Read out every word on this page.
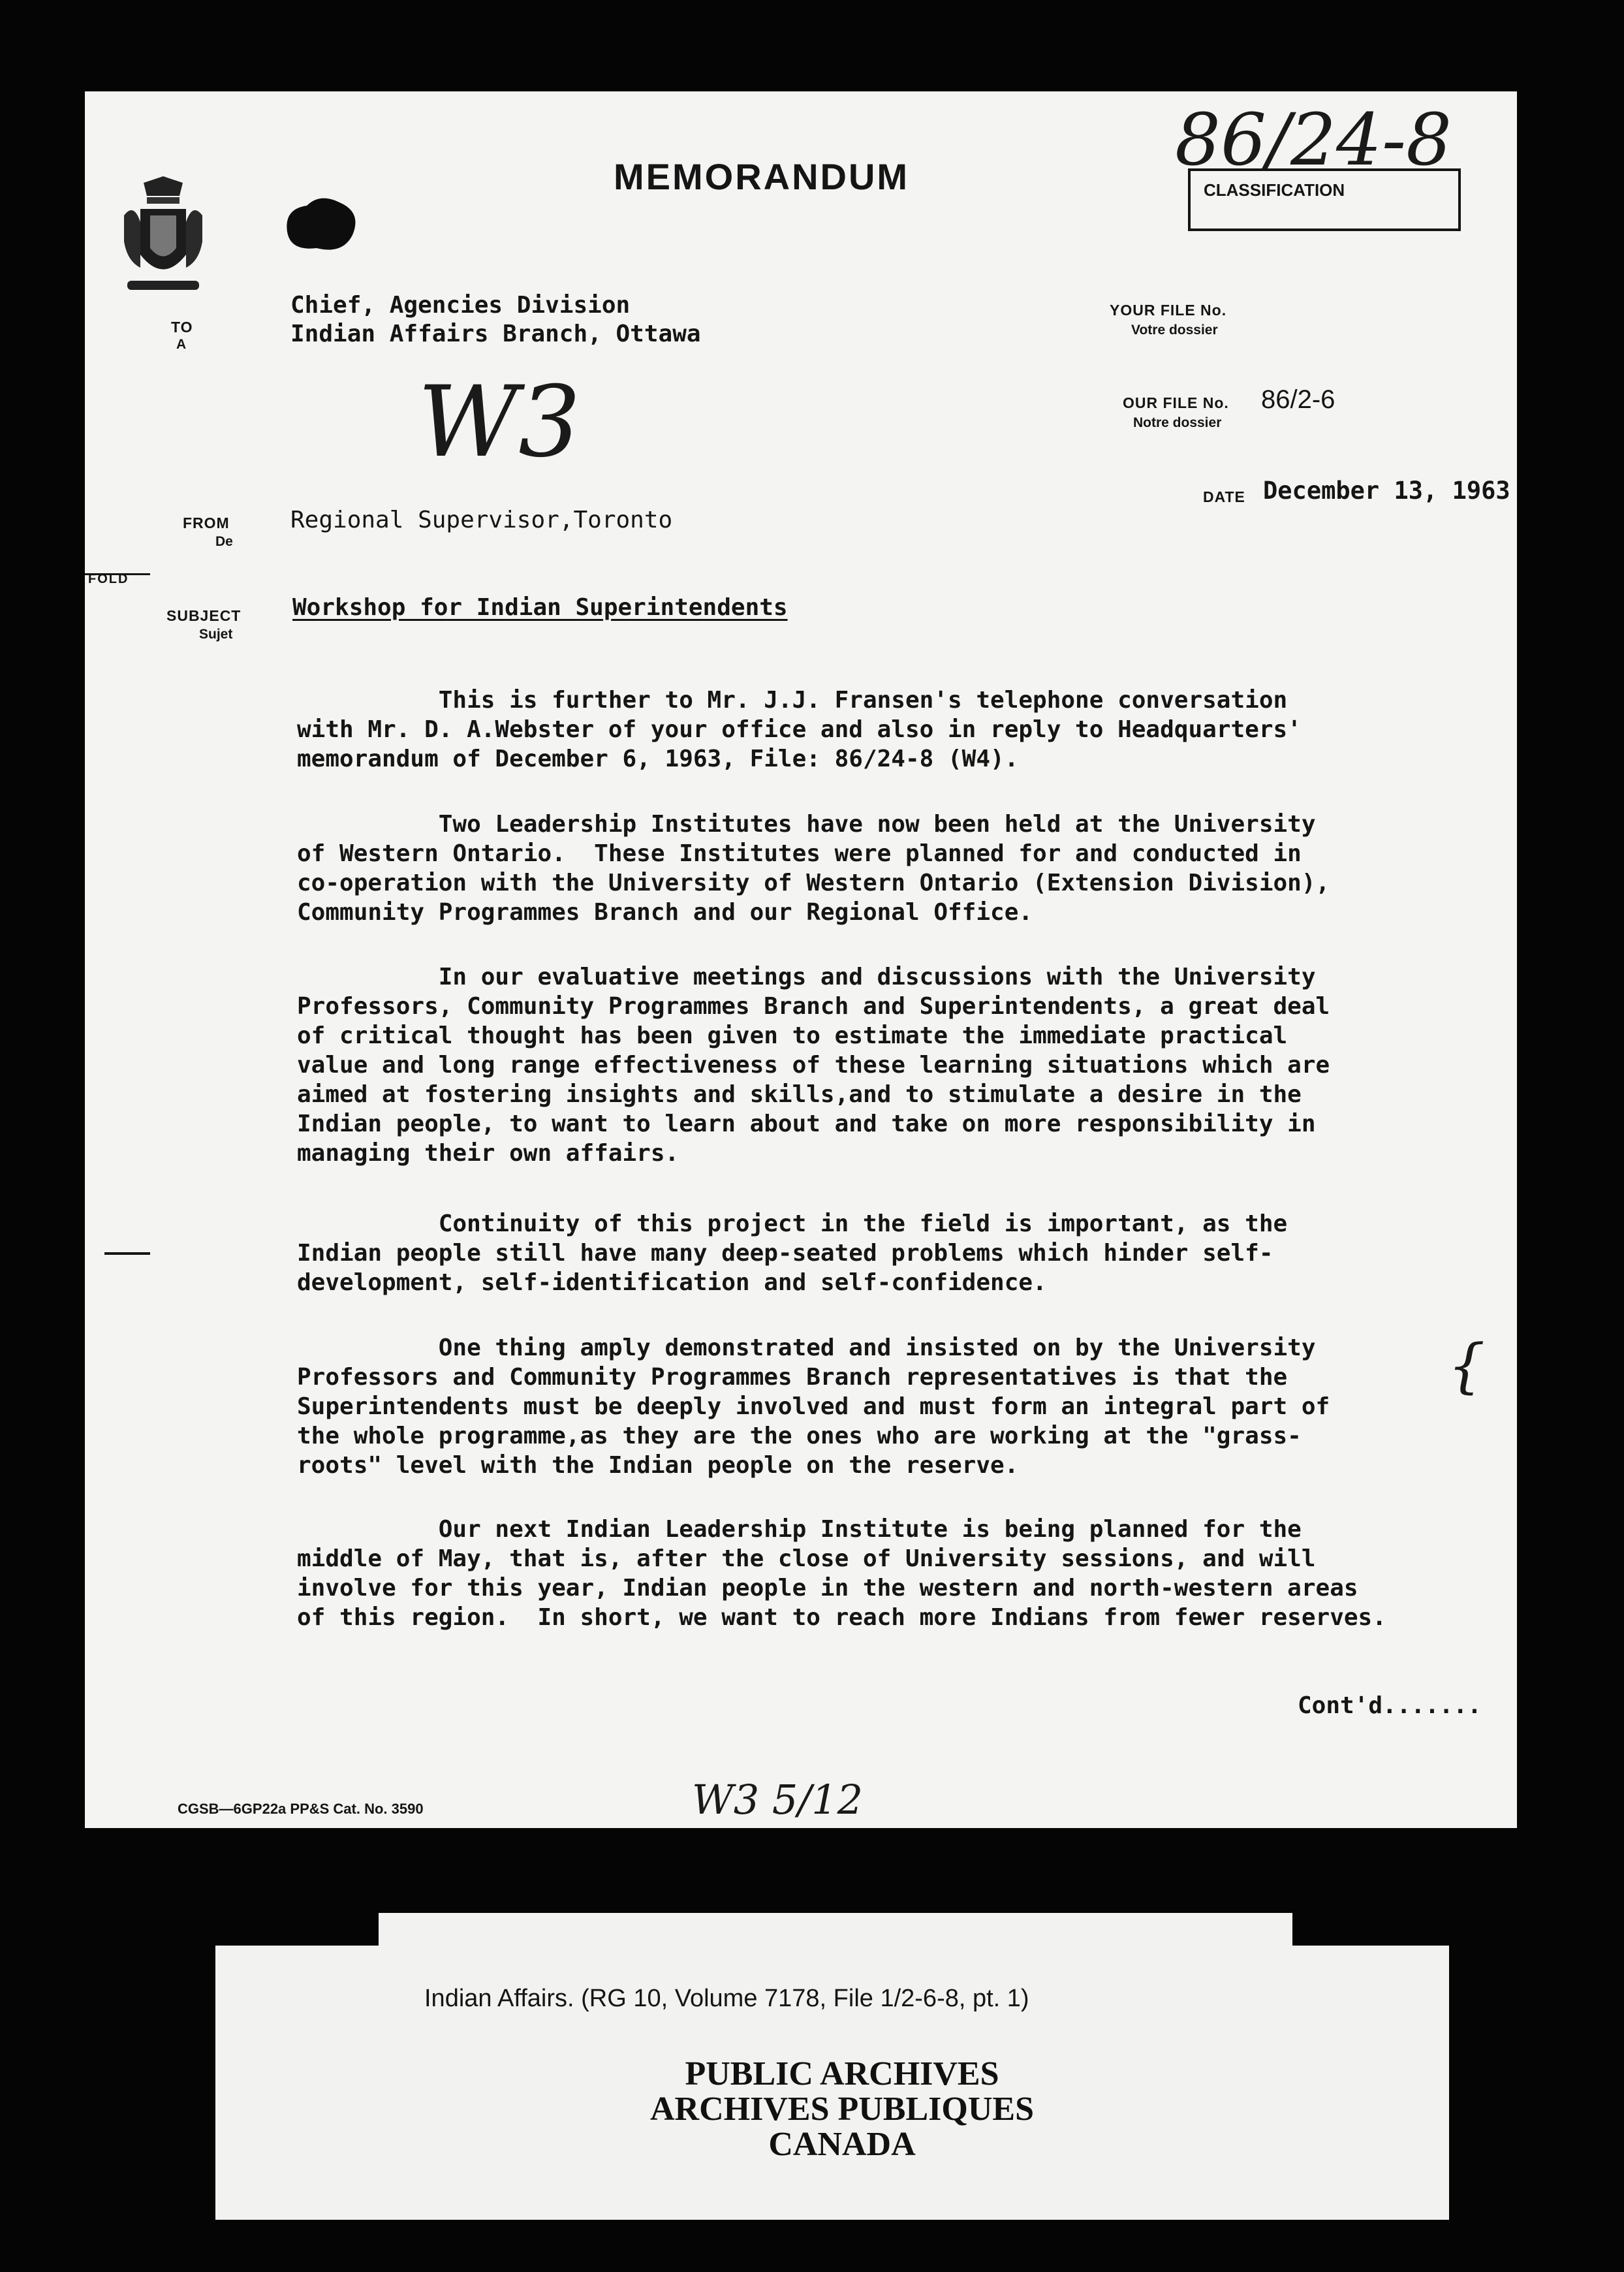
MEMORANDUM	86/24-8
CLASSIFICATION
TO
A
Chief, Agencies Division
Indian Affairs Branch, Ottawa
YOUR FILE No.
Votre dossier
OUR FILE No.
Notre dossier
86/2-6
W3
DATE December 13, 1963
FROM
De
Regional Supervisor,Toronto
FOLD
SUBJECT
Sujet
Workshop for Indian Superintendents
This is further to Mr. J.J. Fransen's telephone conversation
with Mr. D. A.Webster of your office and also in reply to Headquarters'
memorandum of December 6, 1963, File: 86/24-8 (W4).
Two Leadership Institutes have now been held at the University
of Western Ontario.  These Institutes were planned for and conducted in
co-operation with the University of Western Ontario (Extension Division),
Community Programmes Branch and our Regional Office.
In our evaluative meetings and discussions with the University
Professors, Community Programmes Branch and Superintendents, a great deal
of critical thought has been given to estimate the immediate practical
value and long range effectiveness of these learning situations which are
aimed at fostering insights and skills,and to stimulate a desire in the
Indian people, to want to learn about and take on more responsibility in
managing their own affairs.
Continuity of this project in the field is important, as the
Indian people still have many deep-seated problems which hinder self-
development, self-identification and self-confidence.
One thing amply demonstrated and insisted on by the University
Professors and Community Programmes Branch representatives is that the
Superintendents must be deeply involved and must form an integral part of
the whole programme,as they are the ones who are working at the "grass-
roots" level with the Indian people on the reserve.
Our next Indian Leadership Institute is being planned for the
middle of May, that is, after the close of University sessions, and will
involve for this year, Indian people in the western and north-western areas
of this region.  In short, we want to reach more Indians from fewer reserves.
{
Cont'd.......
CGSB—6GP22a PP&S Cat. No. 3590	W3 5/12
Indian Affairs. (RG 10, Volume 7178, File 1/2-6-8, pt. 1)
PUBLIC ARCHIVES
ARCHIVES PUBLIQUES
CANADA
